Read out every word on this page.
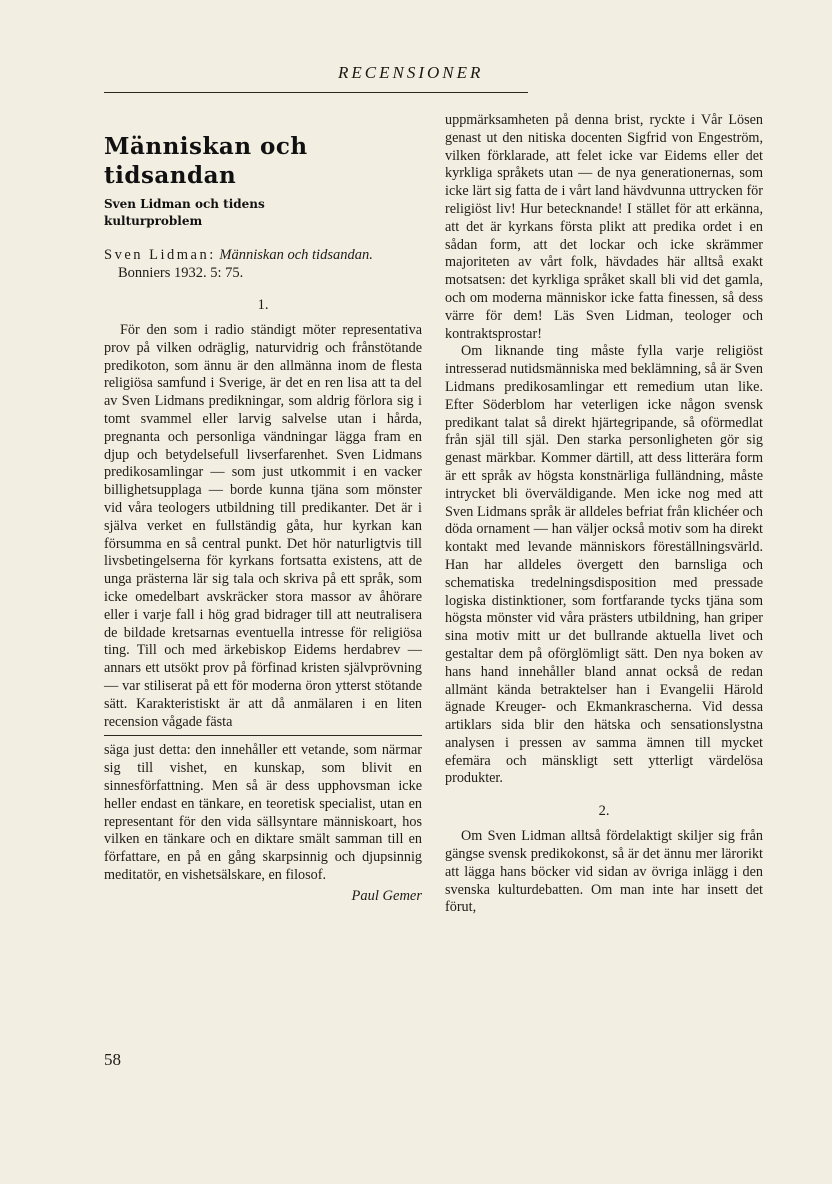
RECENSIONER
Människan och
tidsandan
Sven Lidman och tidens
kulturproblem

Sven Lidman: Människan och tidsandan.
Bonniers 1932. 5: 75.

1.

För den som i radio ständigt möter representativa prov på vilken odräglig, naturvidrig och frånstötande predikoton, som ännu är den allmänna inom de flesta religiösa samfund i Sverige, är det en ren lisa att ta del av Sven Lidmans predikningar, som aldrig förlora sig i tomt svammel eller larvig salvelse utan i hårda, pregnanta och personliga vändningar lägga fram en djup och betydelsefull livserfarenhet. Sven Lidmans predikosamlingar — som just utkommit i en vacker billighetsupplaga — borde kunna tjäna som mönster vid våra teologers utbildning till predikanter. Det är i själva verket en fullständig gåta, hur kyrkan kan försumma en så central punkt. Det hör naturligtvis till livsbetingelserna för kyrkans fortsatta existens, att de unga prästerna lär sig tala och skriva på ett språk, som icke omedelbart avskräcker stora massor av åhörare eller i varje fall i hög grad bidrager till att neutralisera de bildade kretsarnas eventuella intresse för religiösa ting. Till och med ärkebiskop Eidems herdabrev — annars ett utsökt prov på förfinad kristen självprövning — var stiliserat på ett för moderna öron ytterst stötande sätt. Karakteristiskt är att då anmälaren i en liten recension vågade fästa

säga just detta: den innehåller ett vetande, som närmar sig till vishet, en kunskap, som blivit en sinnesförfattning. Men så är dess upphovsman icke heller endast en tänkare, en teoretisk specialist, utan en representant för den vida sällsyntare människoart, hos vilken en tänkare och en diktare smält samman till en författare, en på en gång skarpsinnig och djupsinnig meditatör, en vishetsälskare, en filosof.

Paul Gemer

uppmärksamheten på denna brist, ryckte i Vår Lösen genast ut den nitiska docenten Sigfrid von Engeström, vilken förklarade, att felet icke var Eidems eller det kyrkliga språkets utan — de nya generationernas, som icke lärt sig fatta de i vårt land hävdvunna uttrycken för religiöst liv! Hur betecknande! I stället för att erkänna, att det är kyrkans första plikt att predika ordet i en sådan form, att det lockar och icke skrämmer majoriteten av vårt folk, hävdades här alltså exakt motsatsen: det kyrkliga språket skall bli vid det gamla, och om moderna människor icke fatta finessen, så dess värre för dem! Läs Sven Lidman, teologer och kontraktsprostar!

Om liknande ting måste fylla varje religiöst intresserad nutidsmänniska med beklämning, så är Sven Lidmans predikosamlingar ett remedium utan like. Efter Söderblom har veterligen icke någon svensk predikant talat så direkt hjärtegripande, så oförmedlat från själ till själ. Den starka personligheten gör sig genast märkbar. Kommer därtill, att dess litterära form är ett språk av högsta konstnärliga fulländning, måste intrycket bli överväldigande. Men icke nog med att Sven Lidmans språk är alldeles befriat från klichéer och döda ornament — han väljer också motiv som ha direkt kontakt med levande människors föreställningsvärld. Han har alldeles övergett den barnsliga och schematiska tredelningsdisposition med pressade logiska distinktioner, som fortfarande tycks tjäna som högsta mönster vid våra prästers utbildning, han griper sina motiv mitt ur det bullrande aktuella livet och gestaltar dem på oförglömligt sätt. Den nya boken av hans hand innehåller bland annat också de redan allmänt kända betraktelser han i Evangelii Härold ägnade Kreuger- och Ekmankrascherna. Vid dessa artiklars sida blir den hätska och sensationslystna analysen i pressen av samma ämnen till mycket efemära och mänskligt sett ytterligt värdelösa produkter.

2.

Om Sven Lidman alltså fördelaktigt skiljer sig från gängse svensk predikokonst, så är det ännu mer lärorikt att lägga hans böcker vid sidan av övriga inlägg i den svenska kulturdebatten. Om man inte har insett det förut,

58
